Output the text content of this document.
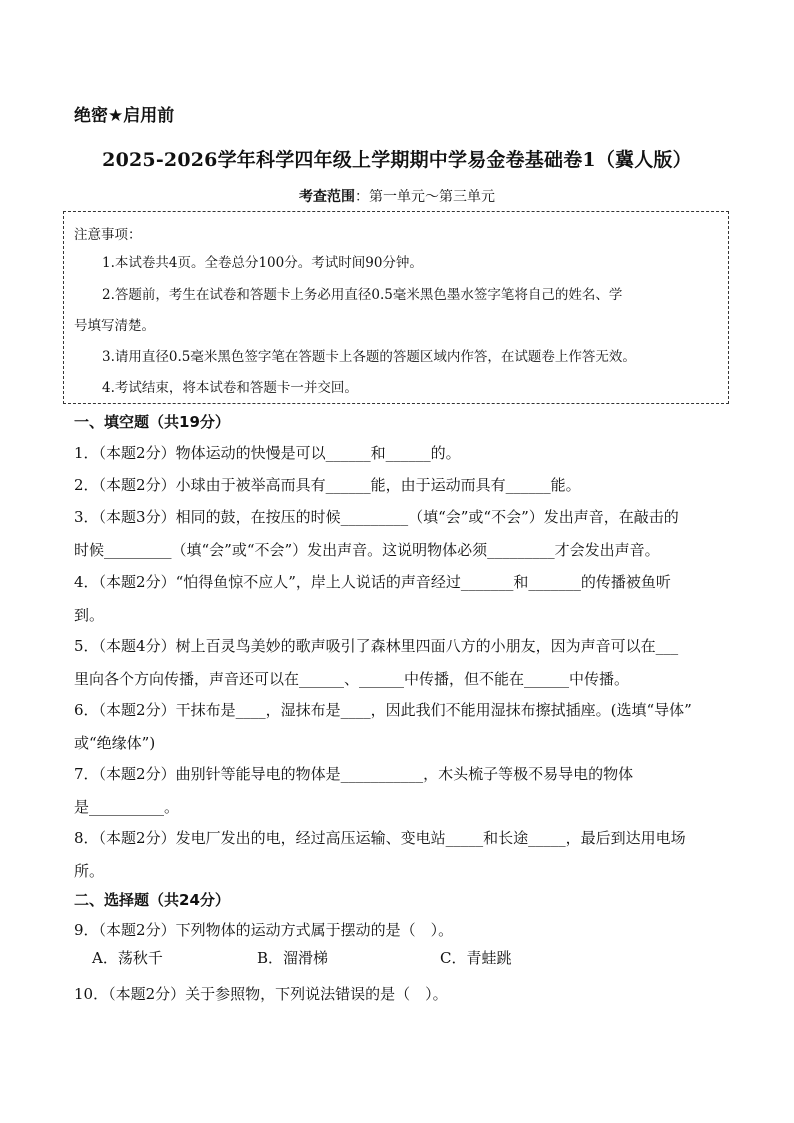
绝密★启用前
2025-2026学年科学四年级上学期期中学易金卷基础卷1（冀人版）
考查范围：第一单元～第三单元
注意事项：
1.本试卷共4页。全卷总分100分。考试时间90分钟。
2.答题前，考生在试卷和答题卡上务必用直径0.5毫米黑色墨水签字笔将自己的姓名、学
号填写清楚。
3.请用直径0.5毫米黑色签字笔在答题卡上各题的答题区域内作答，在试题卷上作答无效。
4.考试结束，将本试卷和答题卡一并交回。
一、填空题（共19分）
1．（本题2分）物体运动的快慢是可以______和______的。
2．（本题2分）小球由于被举高而具有______能，由于运动而具有______能。
3．（本题3分）相同的鼓，在按压的时候_________（填“会”或“不会”）发出声音，在敲击的
时候_________（填“会”或“不会”）发出声音。这说明物体必须_________才会发出声音。
4．（本题2分）“怕得鱼惊不应人”，岸上人说话的声音经过_______和_______的传播被鱼听
到。
5．（本题4分）树上百灵鸟美妙的歌声吸引了森林里四面八方的小朋友，因为声音可以在___
里向各个方向传播，声音还可以在______、______中传播，但不能在______中传播。
6．（本题2分）干抹布是____，湿抹布是____，因此我们不能用湿抹布擦拭插座。(选填“导体”
或“绝缘体”)
7．（本题2分）曲别针等能导电的物体是___________，木头梳子等极不易导电的物体
是__________。
8．（本题2分）发电厂发出的电，经过高压运输、变电站_____和长途_____，最后到达用电场
所。
二、选择题（共24分）
9．（本题2分）下列物体的运动方式属于摆动的是（　）。
A．荡秋千	B．溜滑梯	C．青蛙跳
10．（本题2分）关于参照物，下列说法错误的是（　）。
